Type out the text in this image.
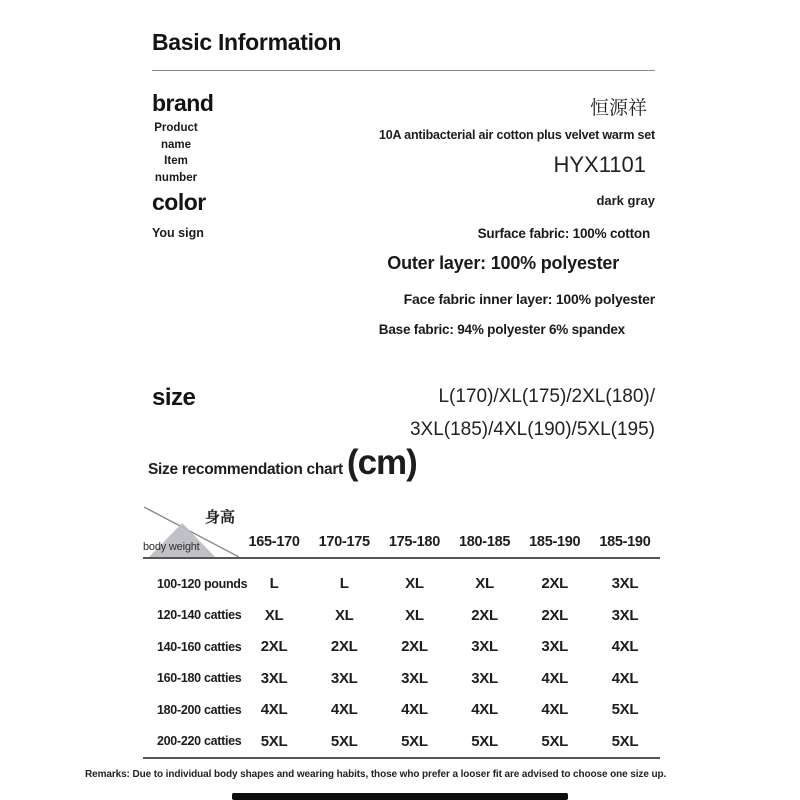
Basic Information
brand	恒源祥
Product
name
10A antibacterial air cotton plus velvet warm set
Item
number
HYX1101
color	dark gray
You sign	Surface fabric: 100% cotton
Outer layer: 100% polyester
Face fabric inner layer: 100% polyester
Base fabric: 94% polyester 6% spandex
size	L(170)/XL(175)/2XL(180)/
3XL(185)/4XL(190)/5XL(195)
Size recommendation chart (cm)
身高
body weight	165-170	170-175	175-180	180-185	185-190	185-190
100-120 pounds	L	L	XL	XL	2XL	3XL
120-140 catties	XL	XL	XL	2XL	2XL	3XL
140-160 catties	2XL	2XL	2XL	3XL	3XL	4XL
160-180 catties	3XL	3XL	3XL	3XL	4XL	4XL
180-200 catties	4XL	4XL	4XL	4XL	4XL	5XL
200-220 catties	5XL	5XL	5XL	5XL	5XL	5XL
Remarks: Due to individual body shapes and wearing habits, those who prefer a looser fit are advised to choose one size up.
